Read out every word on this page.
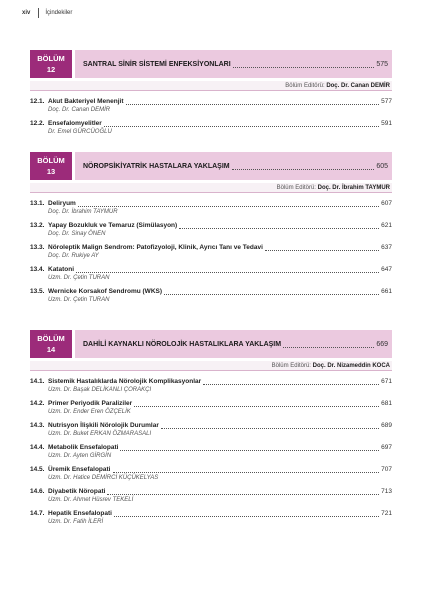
xiv	İçindekiler
BÖLÜM
12
SANTRAL SİNİR SİSTEMİ ENFEKSİYONLARI	575
Bölüm Editörü: Doç. Dr. Canan DEMİR
12.1. Akut Bakteriyel Menenjit	577
Doç. Dr. Canan DEMİR
12.2. Ensefalomyelitler	591
Dr. Emel GÜRCÜOĞLU
BÖLÜM
13
NÖROPSİKİYATRİK HASTALARA YAKLAŞIM	605
Bölüm Editörü: Doç. Dr. İbrahim TAYMUR
13.1. Deliryum	607
Doç. Dr. İbrahim TAYMUR
13.2. Yapay Bozukluk ve Temaruz (Simülasyon)	621
Doç. Dr. Sinay ÖNEN
13.3. Nöroleptik Malign Sendrom: Patofizyoloji, Klinik, Ayrıcı Tanı ve Tedavi	637
Doç. Dr. Rukiye AY
13.4. Katatoni	647
Uzm. Dr. Çetin TURAN
13.5. Wernicke Korsakof Sendromu (WKS)	661
Uzm. Dr. Çetin TURAN
BÖLÜM
14
DAHİLİ KAYNAKLI NÖROLOJİK HASTALIKLARA YAKLAŞIM	669
Bölüm Editörü: Doç. Dr. Nizameddin KOCA
14.1. Sistemik Hastalıklarda Nörolojik Komplikasyonlar	671
Uzm. Dr. Başak DELİKANLI ÇORAKÇI
14.2. Primer Periyodik Paraliziler	681
Uzm. Dr. Ender Eren ÖZÇELİK
14.3. Nutrisyon İlişkili Nörolojik Durumlar	689
Uzm. Dr. Buket ERKAN ÖZMARASALI
14.4. Metabolik Ensefalopati	697
Uzm. Dr. Ayten GİRGİN
14.5. Üremik Ensefalopati	707
Uzm. Dr. Hatice DEMİRCİ KÜÇÜKELYAS
14.6. Diyabetik Nöropati	713
Uzm. Dr. Ahmet Hüsrev TEKELİ
14.7. Hepatik Ensefalopati	721
Uzm. Dr. Fatih İLERİ
